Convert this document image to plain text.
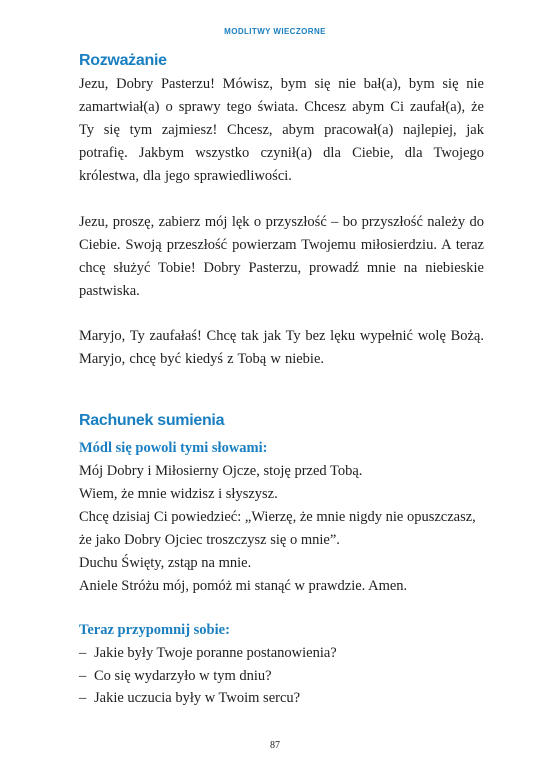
MODLITWY WIECZORNE
Rozważanie

Jezu, Dobry Pasterzu! Mówisz, bym się nie bał(a), bym się nie zamartwiał(a) o sprawy tego świata. Chcesz abym Ci zaufał(a), że Ty się tym zajmiesz! Chcesz, abym pracował(a) najlepiej, jak potrafię. Jakbym wszystko czynił(a) dla Ciebie, dla Twojego królestwa, dla jego sprawiedliwości.

Jezu, proszę, zabierz mój lęk o przyszłość – bo przyszłość należy do Ciebie. Swoją przeszłość powierzam Twojemu miłosierdziu. A teraz chcę służyć Tobie! Dobry Pasterzu, prowadź mnie na niebieskie pastwiska.

Maryjo, Ty zaufałaś! Chcę tak jak Ty bez lęku wypełnić wolę Bożą. Maryjo, chcę być kiedyś z Tobą w niebie.

Rachunek sumienia
Módl się powoli tymi słowami:
Mój Dobry i Miłosierny Ojcze, stoję przed Tobą.
Wiem, że mnie widzisz i słyszysz.
Chcę dzisiaj Ci powiedzieć: „Wierzę, że mnie nigdy nie opuszczasz,
że jako Dobry Ojciec troszczysz się o mnie”.
Duchu Święty, zstąp na mnie.
Aniele Stróżu mój, pomóż mi stanąć w prawdzie. Amen.
Teraz przypomnij sobie:
– Jakie były Twoje poranne postanowienia?
– Co się wydarzyło w tym dniu?
– Jakie uczucia były w Twoim sercu?
87
